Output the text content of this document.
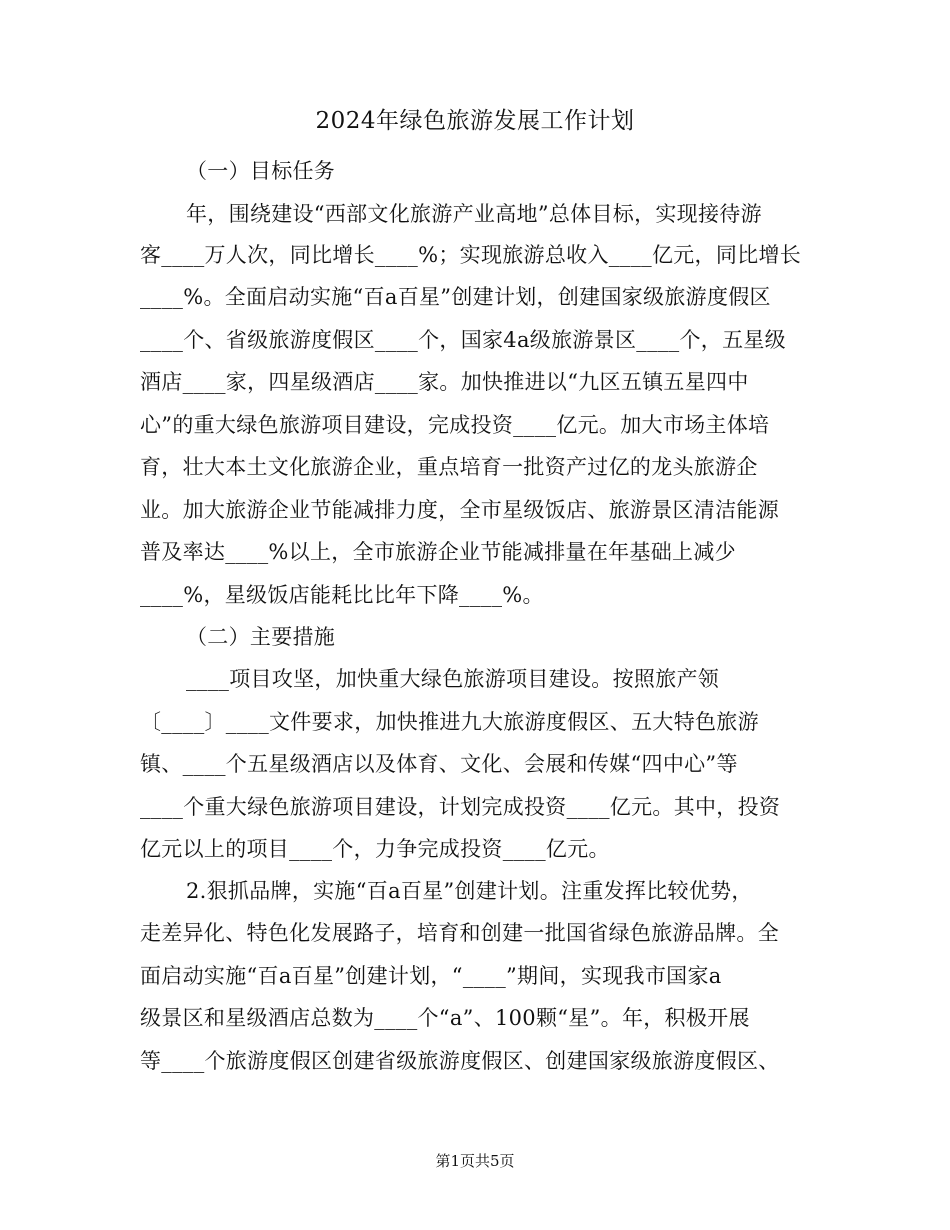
2024年绿色旅游发展工作计划
（一）目标任务
年，围绕建设“西部文化旅游产业高地”总体目标，实现接待游
客____万人次，同比增长____%；实现旅游总收入____亿元，同比增长
____%。全面启动实施“百a百星”创建计划，创建国家级旅游度假区
____个、省级旅游度假区____个，国家4a级旅游景区____个，五星级
酒店____家，四星级酒店____家。加快推进以“九区五镇五星四中
心”的重大绿色旅游项目建设，完成投资____亿元。加大市场主体培
育，壮大本土文化旅游企业，重点培育一批资产过亿的龙头旅游企
业。加大旅游企业节能减排力度，全市星级饭店、旅游景区清洁能源
普及率达____%以上，全市旅游企业节能减排量在年基础上减少
____%，星级饭店能耗比比年下降____%。
（二）主要措施
____项目攻坚，加快重大绿色旅游项目建设。按照旅产领
〔____〕____文件要求，加快推进九大旅游度假区、五大特色旅游
镇、____个五星级酒店以及体育、文化、会展和传媒“四中心”等
____个重大绿色旅游项目建设，计划完成投资____亿元。其中，投资
亿元以上的项目____个，力争完成投资____亿元。
2.狠抓品牌，实施“百a百星”创建计划。注重发挥比较优势，
走差异化、特色化发展路子，培育和创建一批国省绿色旅游品牌。全
面启动实施“百a百星”创建计划，“____”期间，实现我市国家a
级景区和星级酒店总数为____个“a”、100颗“星”。年，积极开展
等____个旅游度假区创建省级旅游度假区、创建国家级旅游度假区、
第1页共5页
